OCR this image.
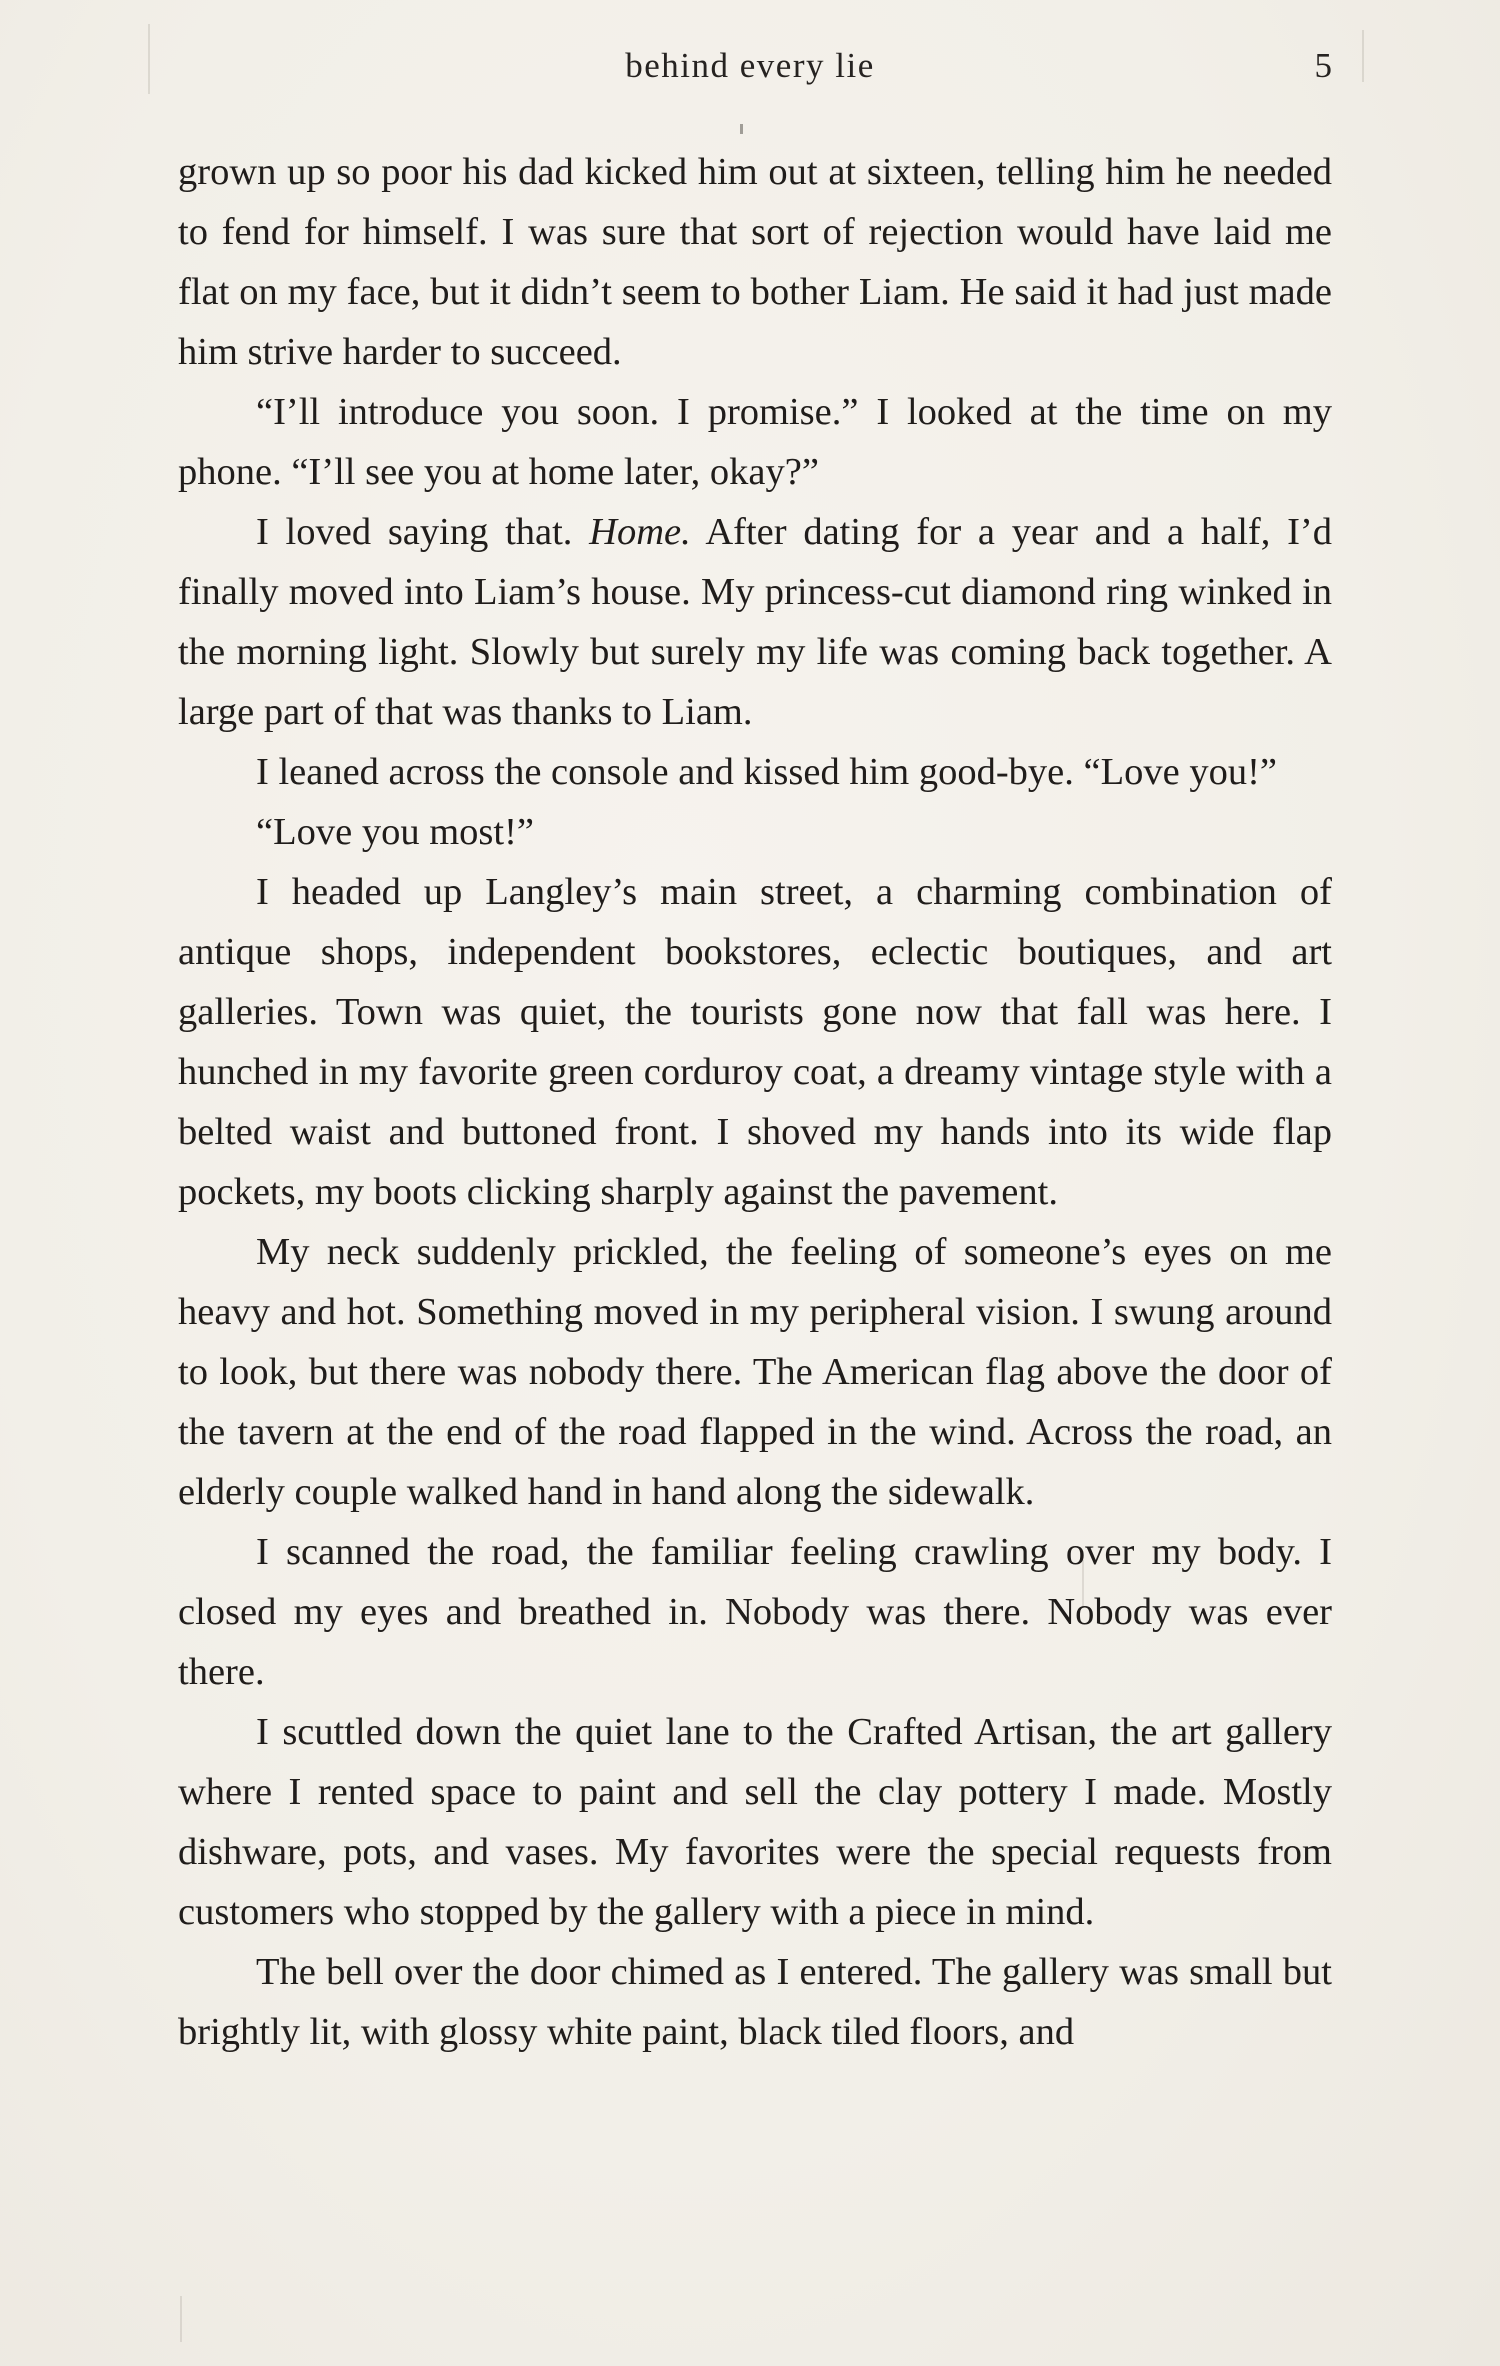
behind every lie	5

grown up so poor his dad kicked him out at sixteen, telling him he needed to fend for himself. I was sure that sort of rejection would have laid me flat on my face, but it didn’t seem to bother Liam. He said it had just made him strive harder to succeed.

“I’ll introduce you soon. I promise.” I looked at the time on my phone. “I’ll see you at home later, okay?”

I loved saying that. Home. After dating for a year and a half, I’d finally moved into Liam’s house. My princess-cut diamond ring winked in the morning light. Slowly but surely my life was coming back together. A large part of that was thanks to Liam.

I leaned across the console and kissed him good-bye. “Love you!”

“Love you most!”

I headed up Langley’s main street, a charming combination of antique shops, independent bookstores, eclectic boutiques, and art galleries. Town was quiet, the tourists gone now that fall was here. I hunched in my favorite green corduroy coat, a dreamy vintage style with a belted waist and buttoned front. I shoved my hands into its wide flap pockets, my boots clicking sharply against the pavement.

My neck suddenly prickled, the feeling of someone’s eyes on me heavy and hot. Something moved in my peripheral vision. I swung around to look, but there was nobody there. The American flag above the door of the tavern at the end of the road flapped in the wind. Across the road, an elderly couple walked hand in hand along the sidewalk.

I scanned the road, the familiar feeling crawling over my body. I closed my eyes and breathed in. Nobody was there. Nobody was ever there.

I scuttled down the quiet lane to the Crafted Artisan, the art gallery where I rented space to paint and sell the clay pottery I made. Mostly dishware, pots, and vases. My favorites were the special requests from customers who stopped by the gallery with a piece in mind.

The bell over the door chimed as I entered. The gallery was small but brightly lit, with glossy white paint, black tiled floors, and
